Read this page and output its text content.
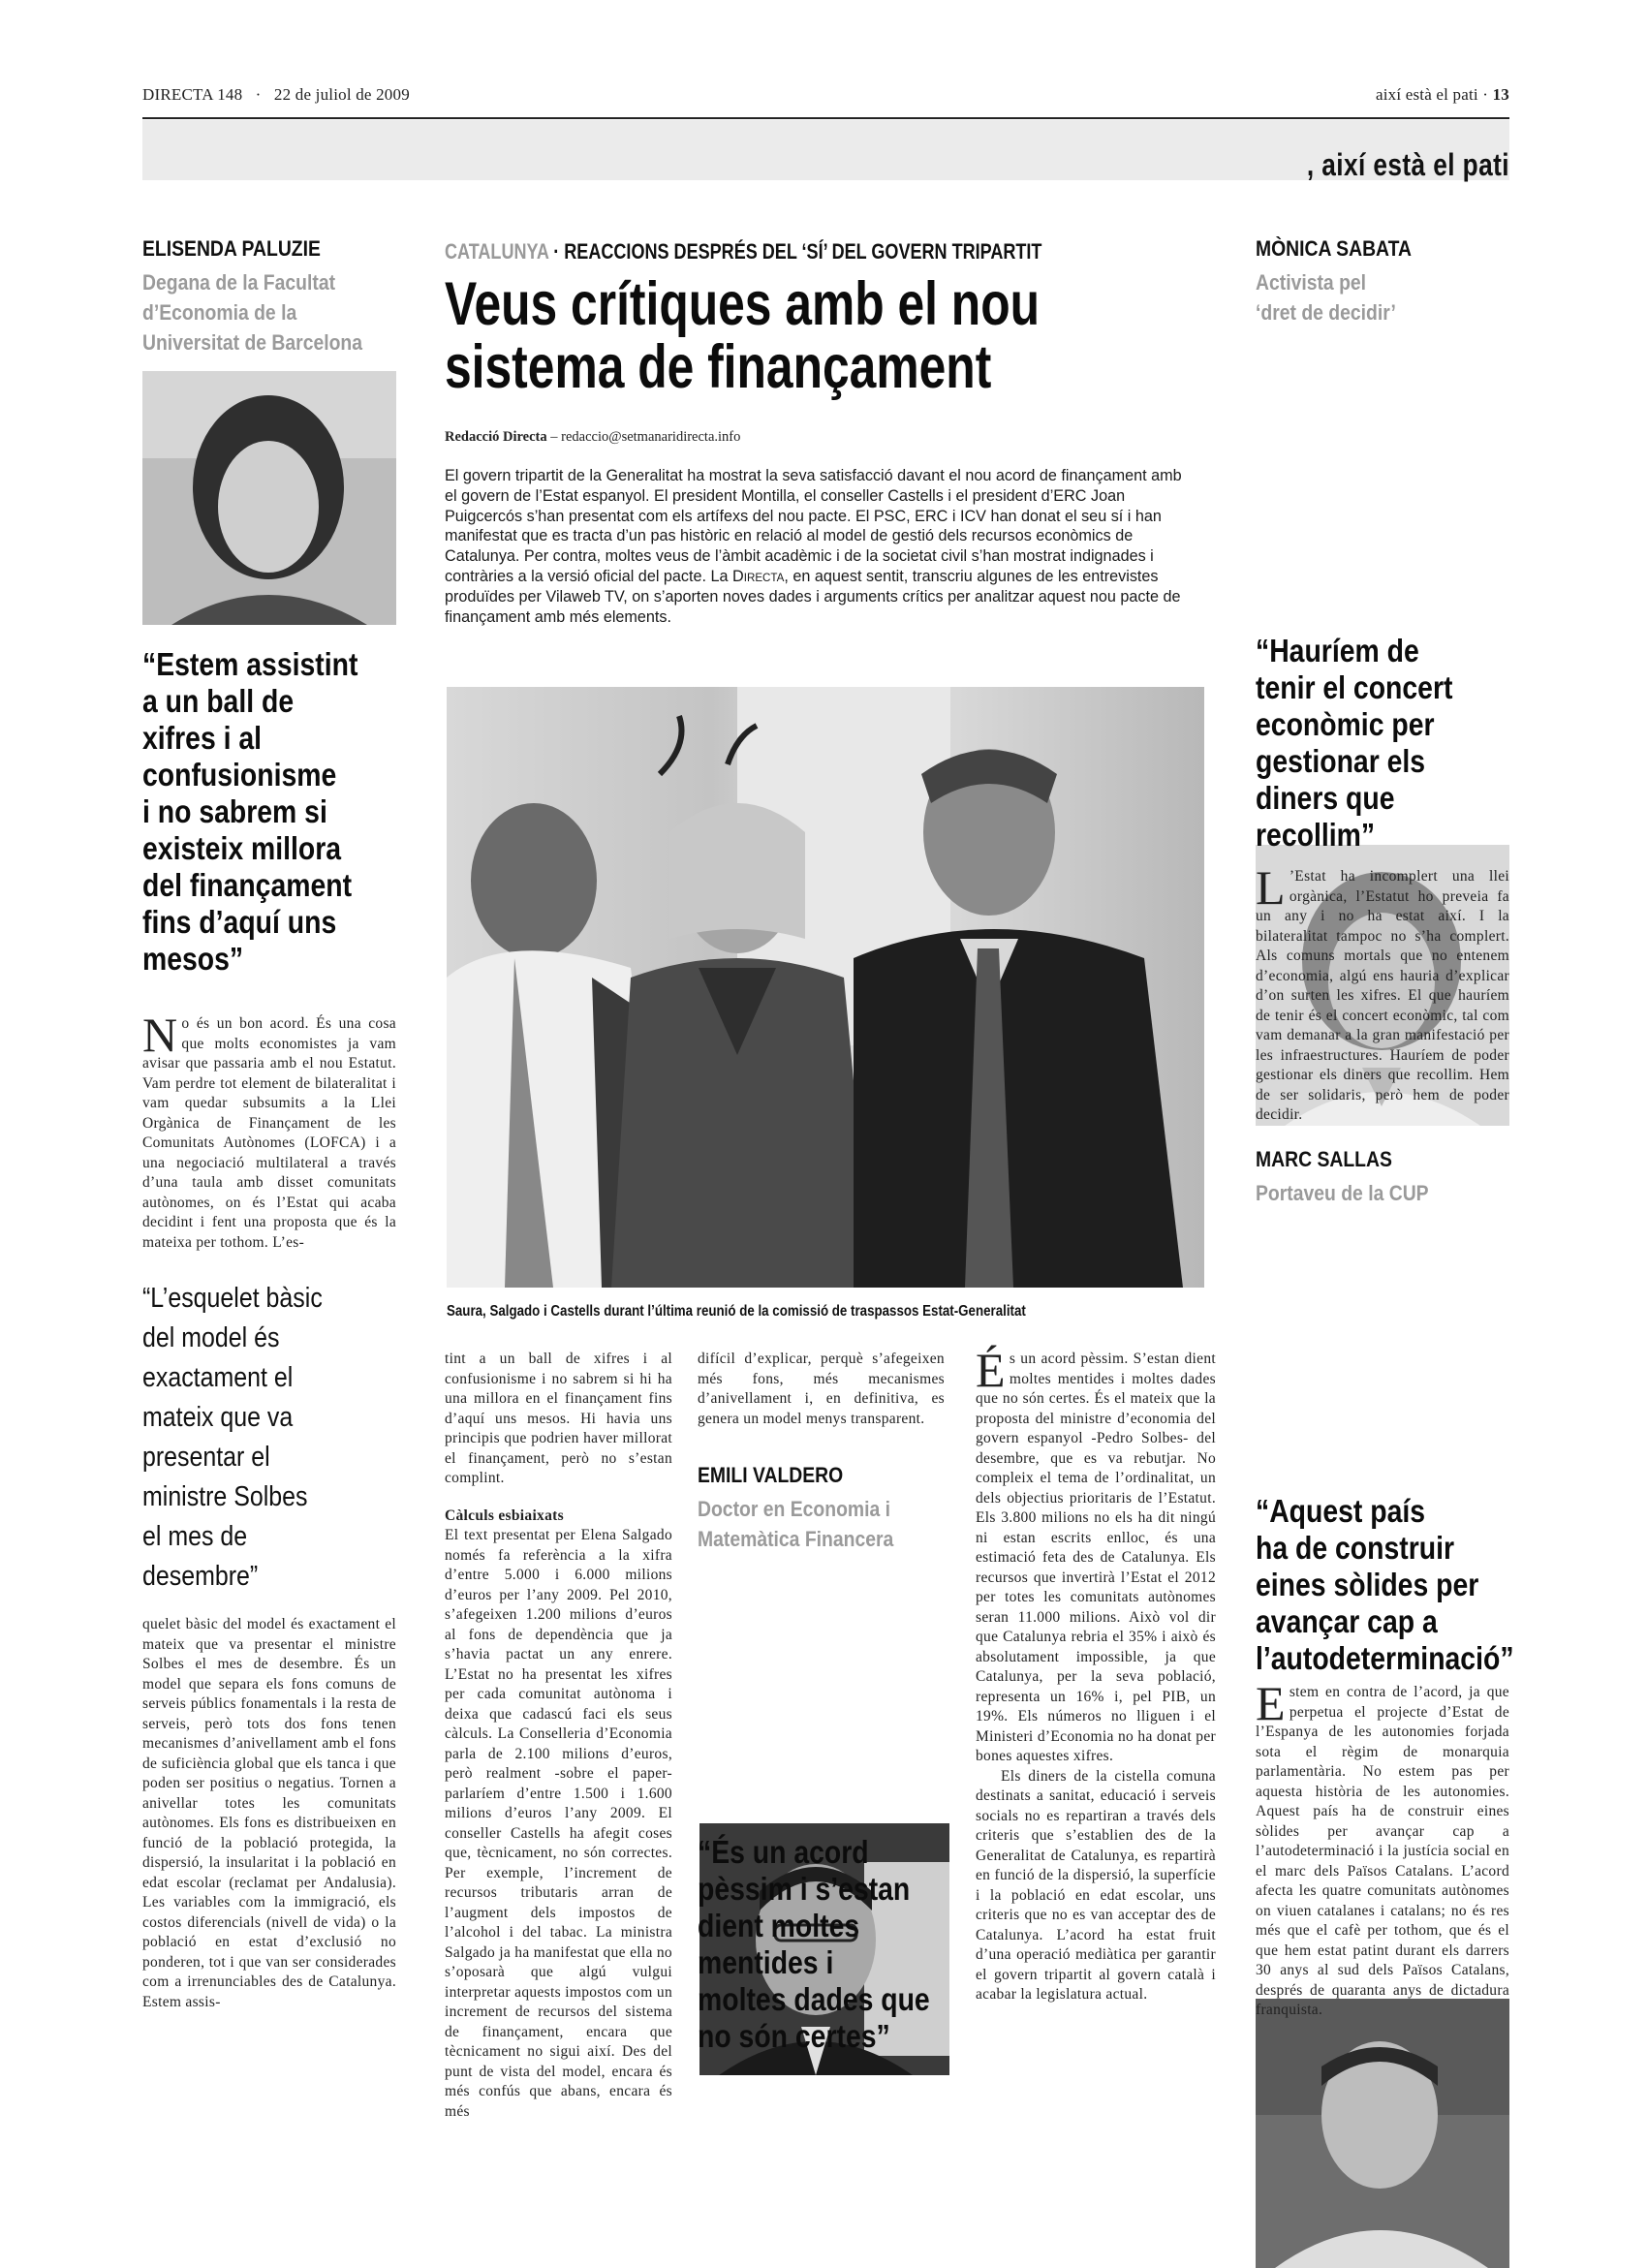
DIRECTA 148 · 22 de juliol de 2009	així està el pati · 13
, així està el pati
CATALUNYA · REACCIONS DESPRÉS DEL ‘SÍ’ DEL GOVERN TRIPARTIT
Veus crítiques amb el nou
sistema de finançament
Redacció Directa – redaccio@setmanaridirecta.info
El govern tripartit de la Generalitat ha mostrat la seva satisfacció davant el nou acord de finançament amb el govern de l’Estat espanyol. El president Montilla, el conseller Castells i el president d’ERC Joan Puigcercós s’han presentat com els artífexs del nou pacte. El PSC, ERC i ICV han donat el seu sí i han manifestat que es tracta d’un pas històric en relació al model de gestió dels recursos econòmics de Catalunya. Per contra, moltes veus de l’àmbit acadèmic i de la societat civil s’han mostrat indignades i contràries a la versió oficial del pacte. La Directa, en aquest sentit, transcriu algunes de les entrevistes produïdes per Vilaweb TV, on s’aporten noves dades i arguments crítics per analitzar aquest nou pacte de finançament amb més elements.
Saura, Salgado i Castells durant l’última reunió de la comissió de traspassos Estat-Generalitat
ELISENDA PALUZIE
Degana de la Facultat
d’Economia de la
Universitat de Barcelona
“Estem assistint
a un ball de
xifres i al
confusionisme
i no sabrem si
existeix millora
del finançament
fins d’aquí uns
mesos”
No és un bon acord. És una cosa que molts economistes ja vam avisar que passaria amb el nou Estatut. Vam perdre tot element de bilateralitat i vam quedar subsumits a la Llei Orgànica de Finançament de les Comunitats Autònomes (LOFCA) i a una negociació multilateral a través d’una taula amb disset comunitats autònomes, on és l’Estat qui acaba decidint i fent una proposta que és la mateixa per tothom. L’es-
“L’esquelet bàsic
del model és
exactament el
mateix que va
presentar el
ministre Solbes
el mes de
desembre”
quelet bàsic del model és exactament el mateix que va presentar el ministre Solbes el mes de desembre. És un model que separa els fons comuns de serveis públics fonamentals i la resta de serveis, però tots dos fons tenen mecanismes d’anivellament amb el fons de suficiència global que els tanca i que poden ser positius o negatius. Tornen a anivellar totes les comunitats autònomes. Els fons es distribueixen en funció de la població protegida, la dispersió, la insularitat i la població en edat escolar (reclamat per Andalusia). Les variables com la immigració, els costos diferencials (nivell de vida) o la població en estat d’exclusió no ponderen, tot i que van ser considerades com a irrenunciables des de Catalunya. Estem assis-
tint a un ball de xifres i al confusionisme i no sabrem si hi ha una millora en el finançament fins d’aquí uns mesos. Hi havia uns principis que podrien haver millorat el finançament, però no s’estan complint.
Càlculs esbiaixats
El text presentat per Elena Salgado només fa referència a la xifra d’entre 5.000 i 6.000 milions d’euros per l’any 2009. Pel 2010, s’afegeixen 1.200 milions d’euros al fons de dependència que ja s’havia pactat un any enrere. L’Estat no ha presentat les xifres per cada comunitat autònoma i deixa que cadascú faci els seus càlculs. La Conselleria d’Economia parla de 2.100 milions d’euros, però realment -sobre el paper- parlaríem d’entre 1.500 i 1.600 milions d’euros l’any 2009. El conseller Castells ha afegit coses que, tècnicament, no són correctes. Per exemple, l’increment de recursos tributaris arran de l’augment dels impostos de l’alcohol i del tabac. La ministra Salgado ja ha manifestat que ella no s’oposarà que algú vulgui interpretar aquests impostos com un increment de recursos del sistema de finançament, encara que tècnicament no sigui així. Des del punt de vista del model, encara és més confús que abans, encara és més
difícil d’explicar, perquè s’afegeixen més fons, més mecanismes d’anivellament i, en definitiva, es genera un model menys transparent.
EMILI VALDERO
Doctor en Economia i
Matemàtica Financera
“És un acord
pèssim i s’estan
dient moltes
mentides i
moltes dades que
no són certes”
És un acord pèssim. S’estan dient moltes mentides i moltes dades que no són certes. És el mateix que la proposta del ministre d’economia del govern espanyol -Pedro Solbes- del desembre, que es va rebutjar. No compleix el tema de l’ordinalitat, un dels objectius prioritaris de l’Estatut. Els 3.800 milions no els ha dit ningú ni estan escrits enlloc, és una estimació feta des de Catalunya. Els recursos que invertirà l’Estat el 2012 per totes les comunitats autònomes seran 11.000 milions. Això vol dir que Catalunya rebria el 35% i això és absolutament impossible, ja que Catalunya, per la seva població, representa un 16% i, pel PIB, un 19%. Els números no lliguen i el Ministeri d’Economia no ha donat per bones aquestes xifres.
Els diners de la cistella comuna destinats a sanitat, educació i serveis socials no es repartiran a través dels criteris que s’establien des de la Generalitat de Catalunya, es repartirà en funció de la dispersió, la superfície i la població en edat escolar, uns criteris que no es van acceptar des de Catalunya. L’acord ha estat fruit d’una operació mediàtica per garantir el govern tripartit al govern català i acabar la legislatura actual.
MÒNICA SABATA
Activista pel
‘dret de decidir’
“Hauríem de
tenir el concert
econòmic per
gestionar els
diners que
recollim”
L ’Estat ha incomplert una llei orgànica, l’Estatut ho preveia fa un any i no ha estat així. I la bilateralitat tampoc no s’ha complert. Als comuns mortals que no entenem d’economia, algú ens hauria d’explicar d’on surten les xifres. El que hauríem de tenir és el concert econòmic, tal com vam demanar a la gran manifestació per les infraestructures. Hauríem de poder gestionar els diners que recollim. Hem de ser solidaris, però hem de poder decidir.
MARC SALLAS
Portaveu de la CUP
“Aquest país
ha de construir
eines sòlides per
avançar cap a
l’autodeterminació”
Estem en contra de l’acord, ja que perpetua el projecte d’Estat de l’Espanya de les autonomies forjada sota el règim de monarquia parlamentària. No estem pas per aquesta història de les autonomies. Aquest país ha de construir eines sòlides per avançar cap a l’autodeterminació i la justícia social en el marc dels Països Catalans. L’acord afecta les quatre comunitats autònomes on viuen catalanes i catalans; no és res més que el cafè per tothom, que és el que hem estat patint durant els darrers 30 anys al sud dels Països Catalans, després de quaranta anys de dictadura franquista.
